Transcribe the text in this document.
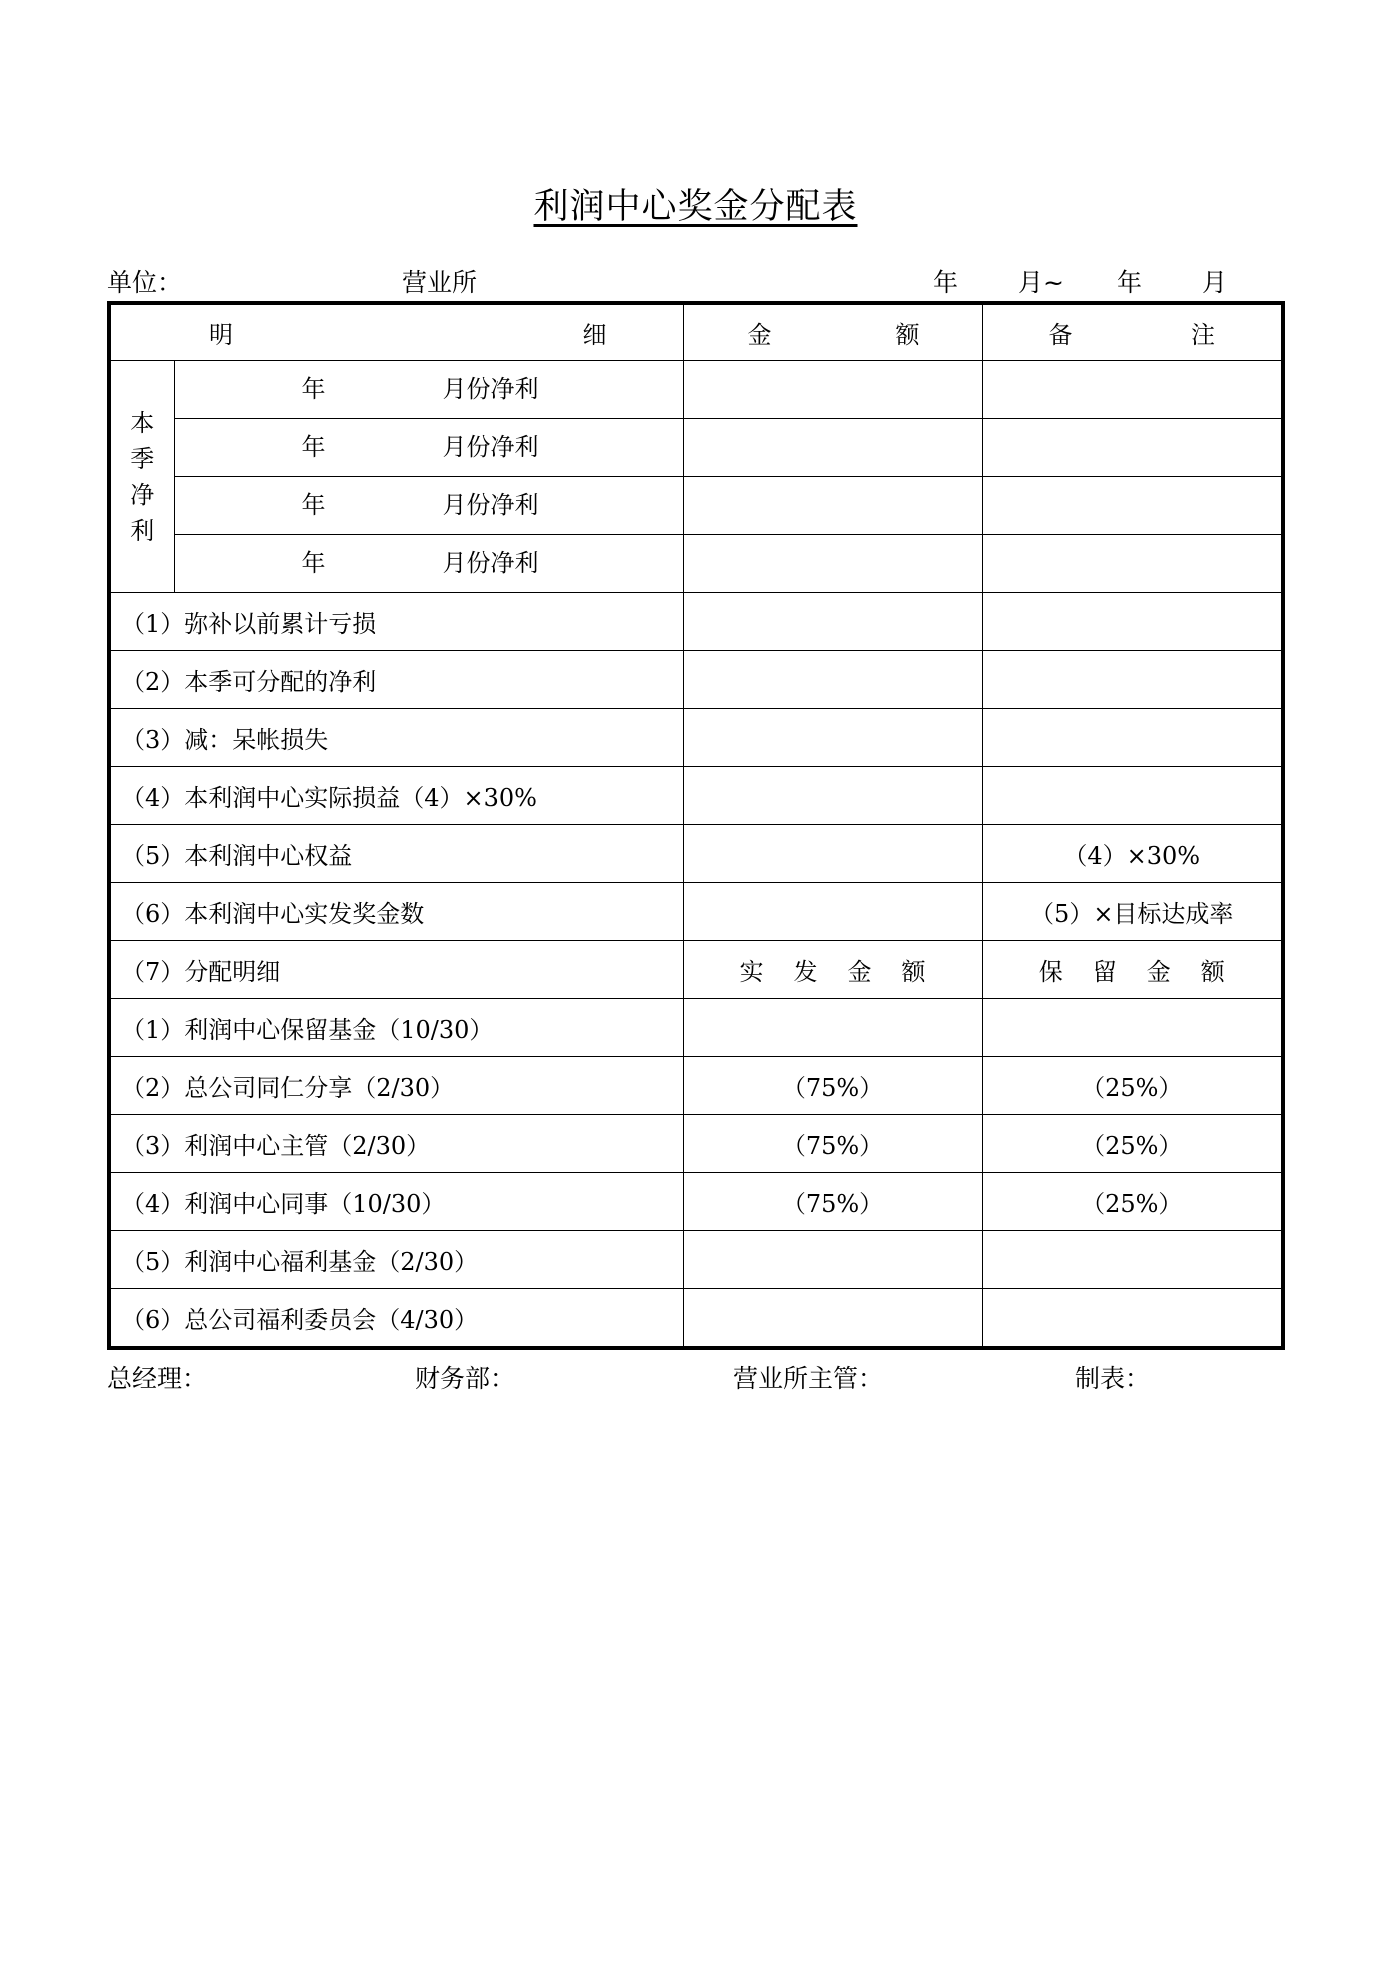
利润中心奖金分配表
单位：	营业所	年 月~ 年 月
明 细		金 额	备 注

本
季
净
利	年 月份净利		

	年 月份净利		

	年 月份净利		

	年 月份净利		

（1）弥补以前累计亏损			
（2）本季可分配的净利			
（3）减：呆帐损失			
（4）本利润中心实际损益（4）×30%			
（5）本利润中心权益			（4）×30%
（6）本利润中心实发奖金数			（5）×目标达成率
（7）分配明细		实 发 金 额	保 留 金 额

（1）利润中心保留基金（10/30）			
（2）总公司同仁分享（2/30）		（75%）	（25%）
（3）利润中心主管（2/30）		（75%）	（25%）
（4）利润中心同事（10/30）		（75%）	（25%）
（5）利润中心福利基金（2/30）			
（6）总公司福利委员会（4/30）			
总经理：	财务部：	营业所主管：	制表：
